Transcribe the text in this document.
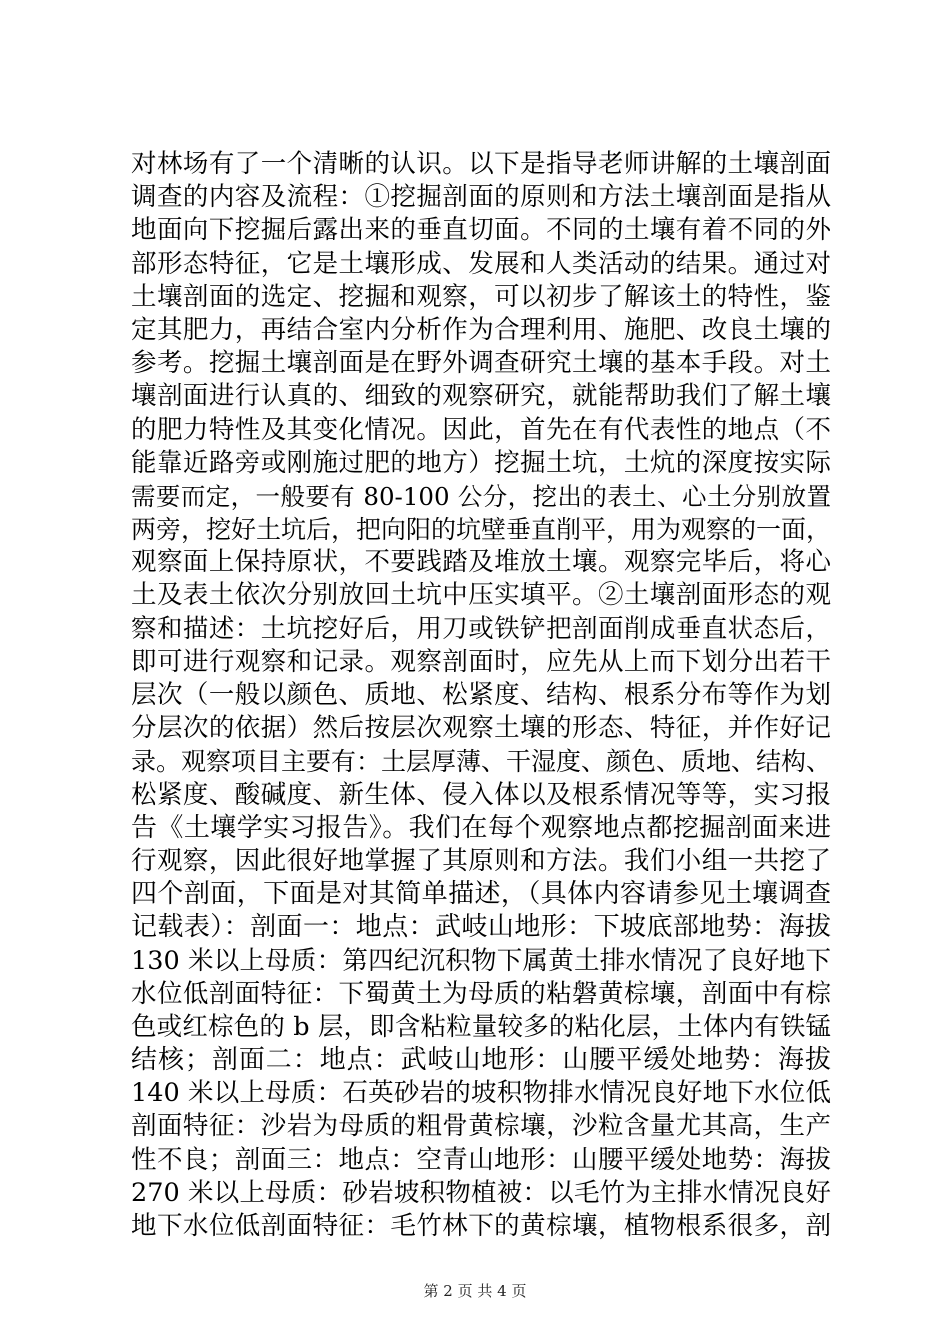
对林场有了一个清晰的认识。以下是指导老师讲解的土壤剖面
调查的内容及流程：①挖掘剖面的原则和方法土壤剖面是指从
地面向下挖掘后露出来的垂直切面。不同的土壤有着不同的外
部形态特征，它是土壤形成、发展和人类活动的结果。通过对
土壤剖面的选定、挖掘和观察，可以初步了解该土的特性，鉴
定其肥力，再结合室内分析作为合理利用、施肥、改良土壤的
参考。挖掘土壤剖面是在野外调查研究土壤的基本手段。对土
壤剖面进行认真的、细致的观察研究，就能帮助我们了解土壤
的肥力特性及其变化情况。因此，首先在有代表性的地点（不
能靠近路旁或刚施过肥的地方）挖掘土坑，土炕的深度按实际
需要而定，一般要有 80-100 公分，挖出的表土、心土分别放置
两旁，挖好土坑后，把向阳的坑壁垂直削平，用为观察的一面，
观察面上保持原状，不要践踏及堆放土壤。观察完毕后，将心
土及表土依次分别放回土坑中压实填平。②土壤剖面形态的观
察和描述：土坑挖好后，用刀或铁铲把剖面削成垂直状态后，
即可进行观察和记录。观察剖面时，应先从上而下划分出若干
层次（一般以颜色、质地、松紧度、结构、根系分布等作为划
分层次的依据）然后按层次观察土壤的形态、特征，并作好记
录。观察项目主要有：土层厚薄、干湿度、颜色、质地、结构、
松紧度、酸碱度、新生体、侵入体以及根系情况等等，实习报
告《土壤学实习报告》。我们在每个观察地点都挖掘剖面来进
行观察，因此很好地掌握了其原则和方法。我们小组一共挖了
四个剖面，下面是对其简单描述，（具体内容请参见土壤调查
记载表）：剖面一：地点：武岐山地形：下坡底部地势：海拔
130 米以上母质：第四纪沉积物下属黄土排水情况了良好地下
水位低剖面特征：下蜀黄土为母质的粘磐黄棕壤，剖面中有棕
色或红棕色的 b 层，即含粘粒量较多的粘化层，土体内有铁锰
结核；剖面二：地点：武岐山地形：山腰平缓处地势：海拔
140 米以上母质：石英砂岩的坡积物排水情况良好地下水位低
剖面特征：沙岩为母质的粗骨黄棕壤，沙粒含量尤其高，生产
性不良；剖面三：地点：空青山地形：山腰平缓处地势：海拔
270 米以上母质：砂岩坡积物植被：以毛竹为主排水情况良好
地下水位低剖面特征：毛竹林下的黄棕壤，植物根系很多，剖
第 2 页 共 4 页
